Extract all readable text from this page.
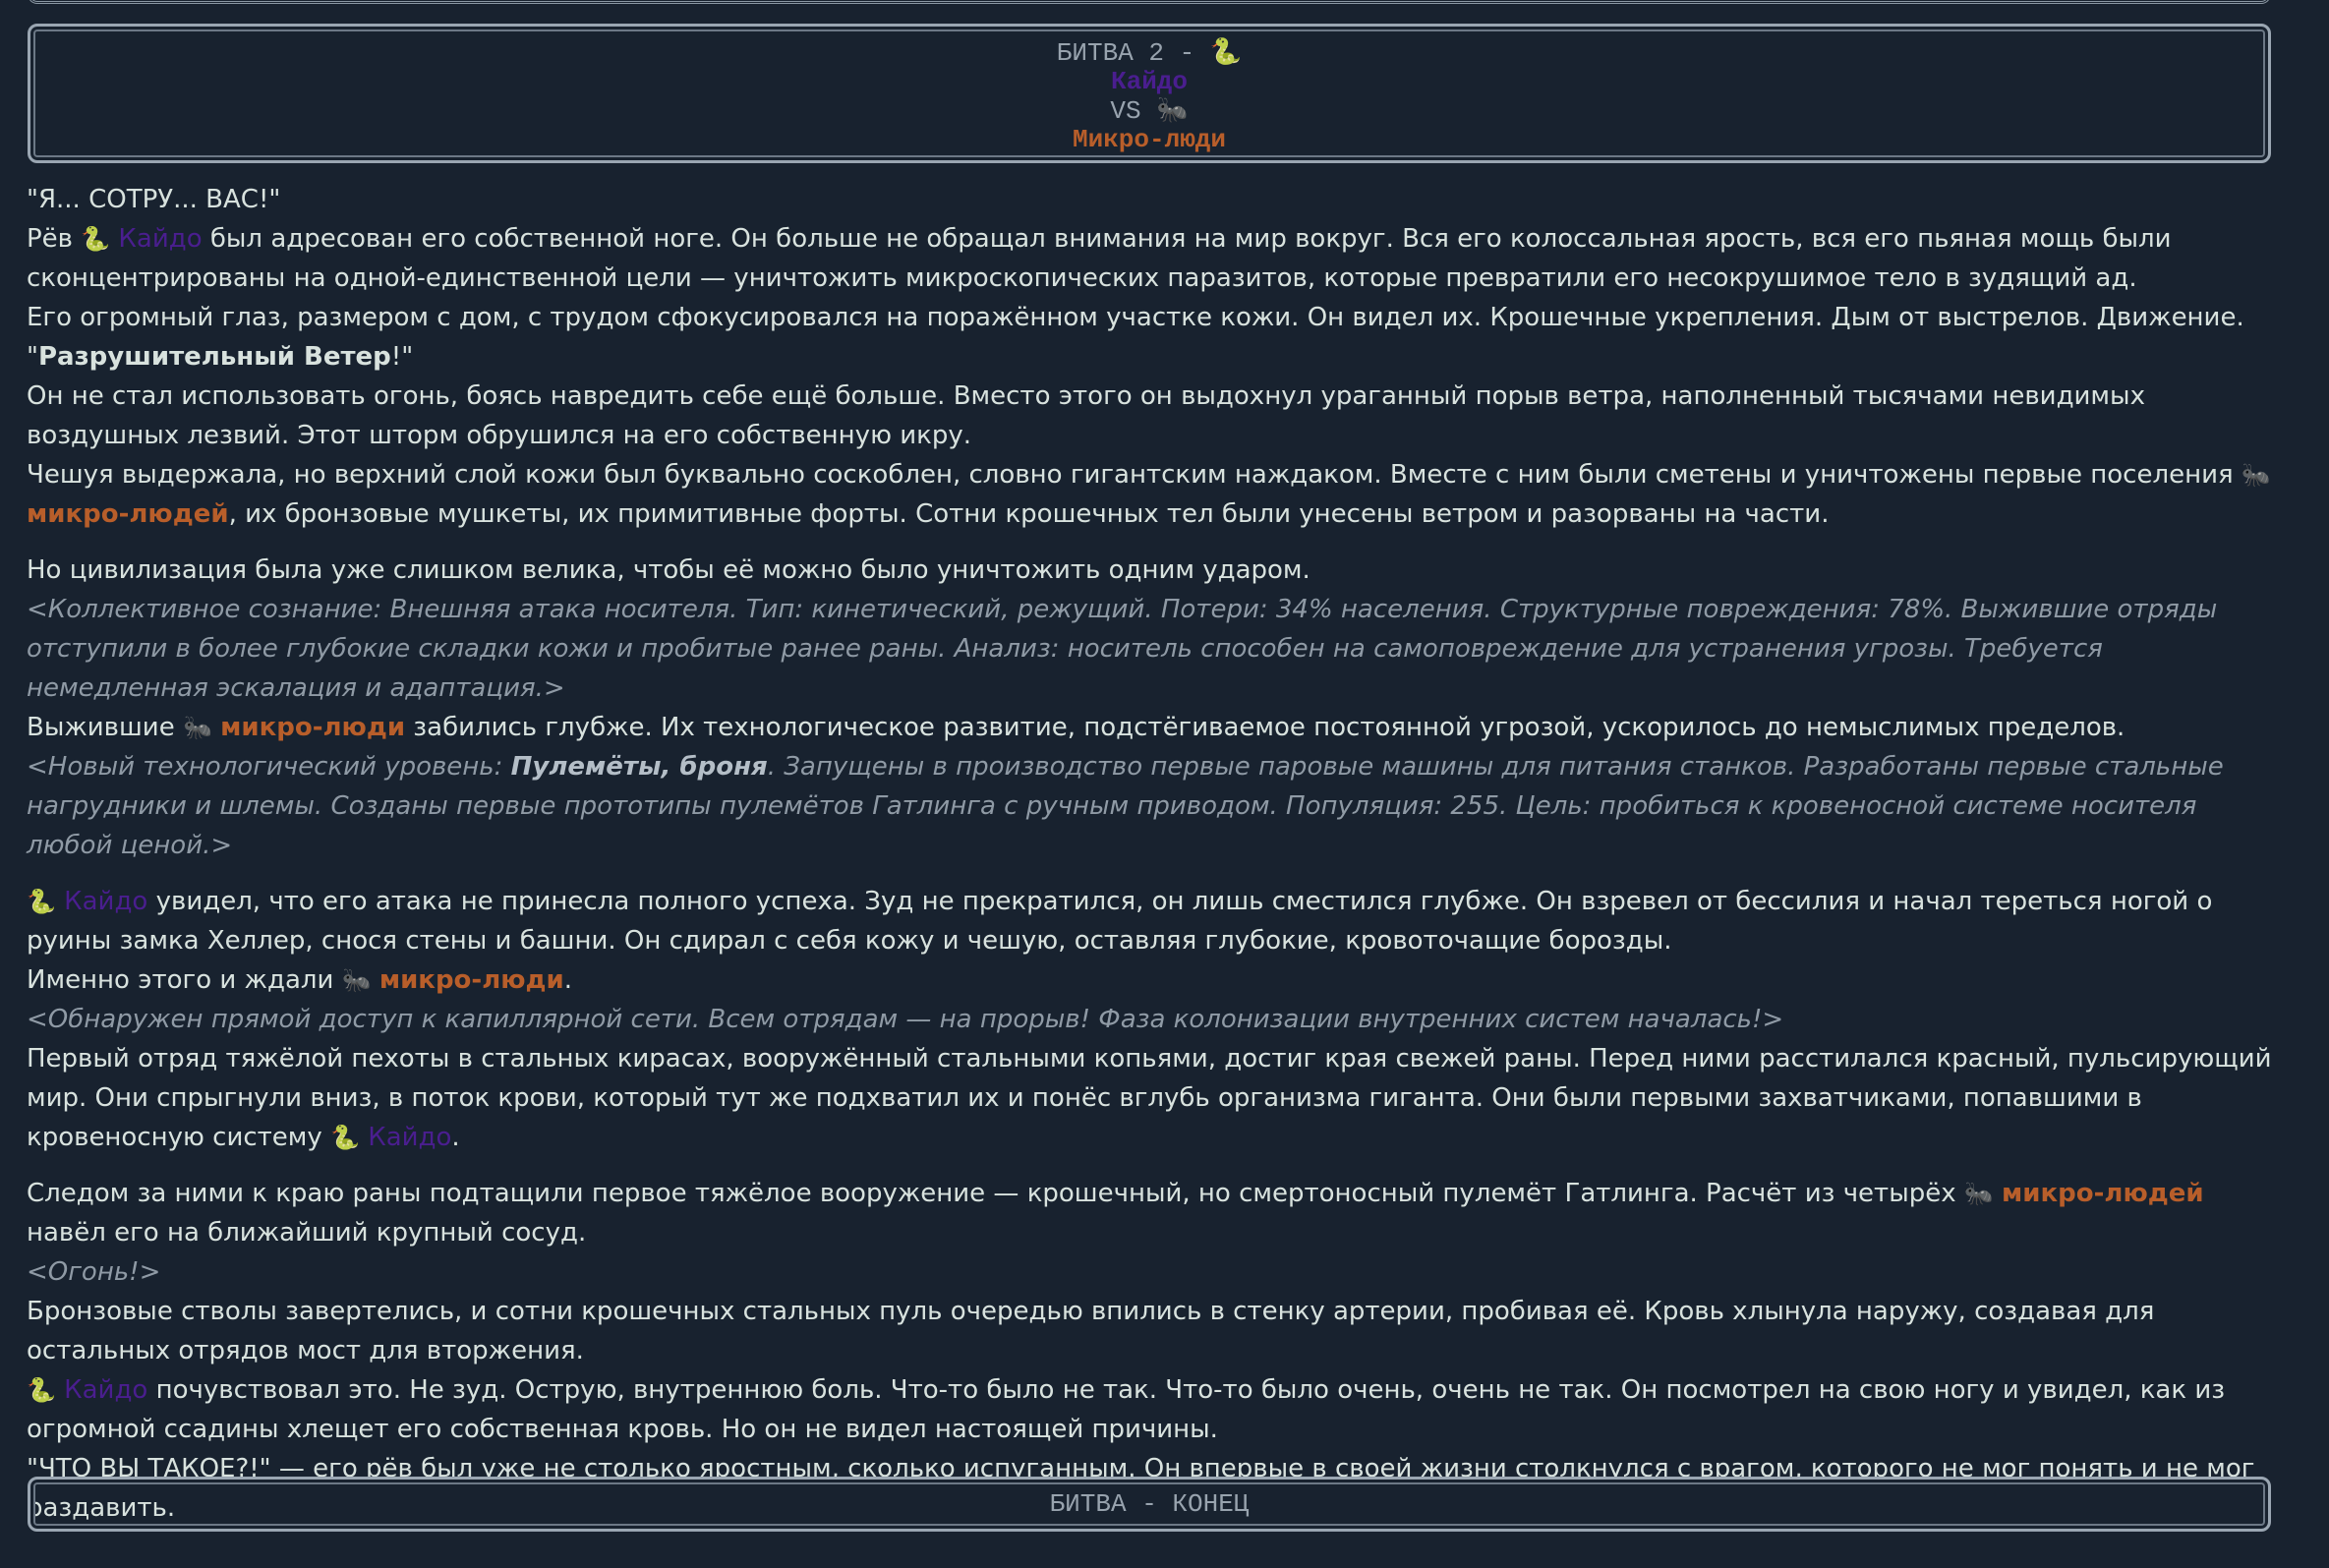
БИТВА 2 - 🐍
Кайдо
VS 🐜
Микро-люди

"Я... СОТРУ... ВАС!"

Рёв 🐍 Кайдо был адресован его собственной ноге. Он больше не обращал внимания на мир вокруг. Вся его колоссальная ярость, вся его пьяная мощь были сконцентрированы на одной-единственной цели — уничтожить микроскопических паразитов, которые превратили его несокрушимое тело в зудящий ад.

Его огромный глаз, размером с дом, с трудом сфокусировался на поражённом участке кожи. Он видел их. Крошечные укрепления. Дым от выстрелов. Движение.

"Разрушительный Ветер!"

Он не стал использовать огонь, боясь навредить себе ещё больше. Вместо этого он выдохнул ураганный порыв ветра, наполненный тысячами невидимых воздушных лезвий. Этот шторм обрушился на его собственную икру.

Чешуя выдержала, но верхний слой кожи был буквально соскоблен, словно гигантским наждаком. Вместе с ним были сметены и уничтожены первые поселения 🐜 микро-людей, их бронзовые мушкеты, их примитивные форты. Сотни крошечных тел были унесены ветром и разорваны на части.

Но цивилизация была уже слишком велика, чтобы её можно было уничтожить одним ударом.

<Коллективное сознание: Внешняя атака носителя. Тип: кинетический, режущий. Потери: 34% населения. Структурные повреждения: 78%. Выжившие отряды отступили в более глубокие складки кожи и пробитые ранее раны. Анализ: носитель способен на самоповреждение для устранения угрозы. Требуется немедленная эскалация и адаптация.>

Выжившие 🐜 микро-люди забились глубже. Их технологическое развитие, подстёгиваемое постоянной угрозой, ускорилось до немыслимых пределов.

<Новый технологический уровень: Пулемёты, броня. Запущены в производство первые паровые машины для питания станков. Разработаны первые стальные нагрудники и шлемы. Созданы первые прототипы пулемётов Гатлинга с ручным приводом. Популяция: 255. Цель: пробиться к кровеносной системе носителя любой ценой.>

🐍 Кайдо увидел, что его атака не принесла полного успеха. Зуд не прекратился, он лишь сместился глубже. Он взревел от бессилия и начал тереться ногой о руины замка Хеллер, снося стены и башни. Он сдирал с себя кожу и чешую, оставляя глубокие, кровоточащие борозды.

Именно этого и ждали 🐜 микро-люди.

<Обнаружен прямой доступ к капиллярной сети. Всем отрядам — на прорыв! Фаза колонизации внутренних систем началась!>

Первый отряд тяжёлой пехоты в стальных кирасах, вооружённый стальными копьями, достиг края свежей раны. Перед ними расстилался красный, пульсирующий мир. Они спрыгнули вниз, в поток крови, который тут же подхватил их и понёс вглубь организма гиганта. Они были первыми захватчиками, попавшими в кровеносную систему 🐍 Кайдо.

Следом за ними к краю раны подтащили первое тяжёлое вооружение — крошечный, но смертоносный пулемёт Гатлинга. Расчёт из четырёх 🐜 микро-людей навёл его на ближайший крупный сосуд.

<Огонь!>

Бронзовые стволы завертелись, и сотни крошечных стальных пуль очередью впились в стенку артерии, пробивая её. Кровь хлынула наружу, создавая для остальных отрядов мост для вторжения.

🐍 Кайдо почувствовал это. Не зуд. Острую, внутреннюю боль. Что-то было не так. Что-то было очень, очень не так. Он посмотрел на свою ногу и увидел, как из огромной ссадины хлещет его собственная кровь. Но он не видел настоящей причины.

"ЧТО ВЫ ТАКОЕ?!" — его рёв был уже не столько яростным, сколько испуганным. Он впервые в своей жизни столкнулся с врагом, которого не мог понять и не мог раздавить.	БИТВА - КОНЕЦ
